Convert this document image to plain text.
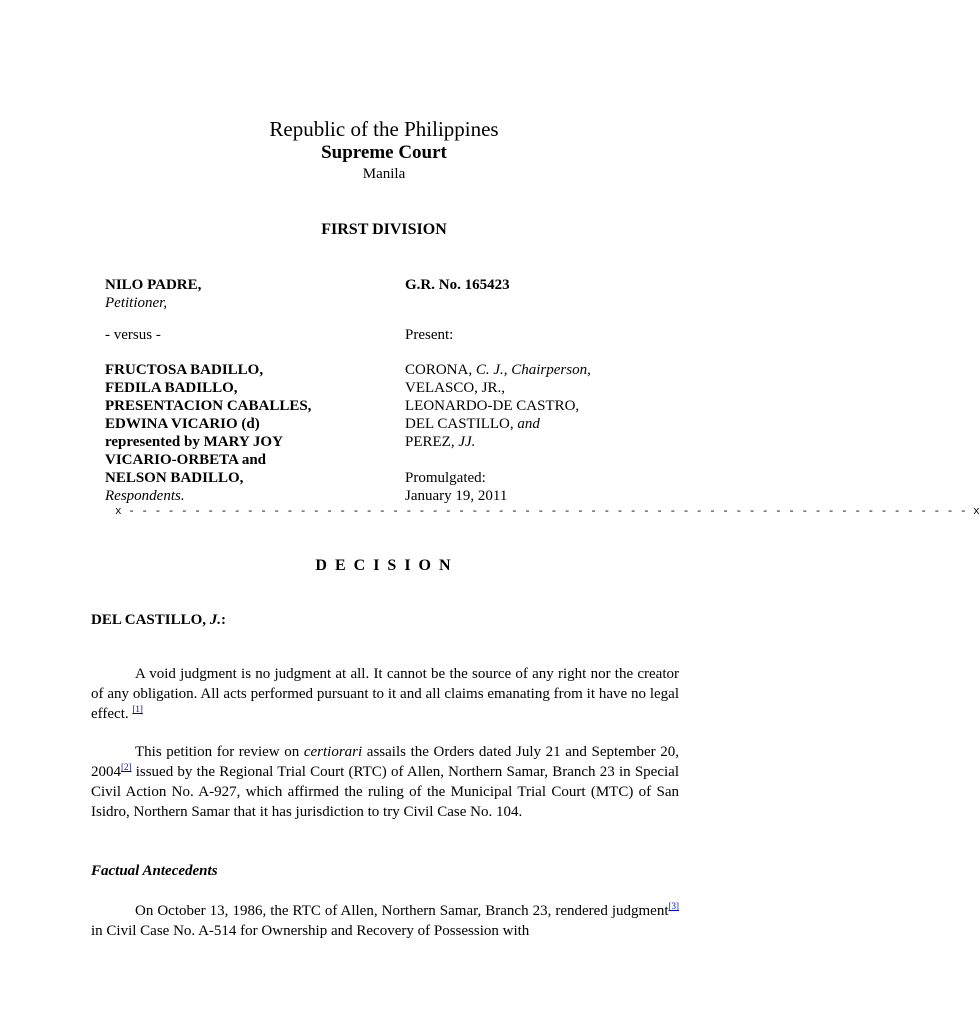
Republic of the Philippines
Supreme Court
Manila
FIRST DIVISION
NILO PADRE,
Petitioner,
- versus -
FRUCTOSA BADILLO,
FEDILA BADILLO,
PRESENTACION CABALLES,
EDWINA VICARIO (d)
represented by MARY JOY
VICARIO-ORBETA and
NELSON BADILLO,
Respondents.
G.R. No. 165423
Present:
CORONA, C. J., Chairperson,
VELASCO, JR.,
LEONARDO-DE CASTRO,
DEL CASTILLO, and
PEREZ, JJ.
Promulgated:
January 19, 2011
x - - - - - - - - - - - - - - - - - - - - - - - - - - - - - - - - - - - - - - - - - - - - - - - - - - - - - - - - - - - - - - - - x
D E C I S I O N
DEL CASTILLO, J.:
A void judgment is no judgment at all. It cannot be the source of any right nor the creator of any obligation. All acts performed pursuant to it and all claims emanating from it have no legal effect. [1]
This petition for review on certiorari assails the Orders dated July 21 and September 20, 2004[2] issued by the Regional Trial Court (RTC) of Allen, Northern Samar, Branch 23 in Special Civil Action No. A-927, which affirmed the ruling of the Municipal Trial Court (MTC) of San Isidro, Northern Samar that it has jurisdiction to try Civil Case No. 104.
Factual Antecedents
On October 13, 1986, the RTC of Allen, Northern Samar, Branch 23, rendered judgment[3] in Civil Case No. A-514 for Ownership and Recovery of Possession with
